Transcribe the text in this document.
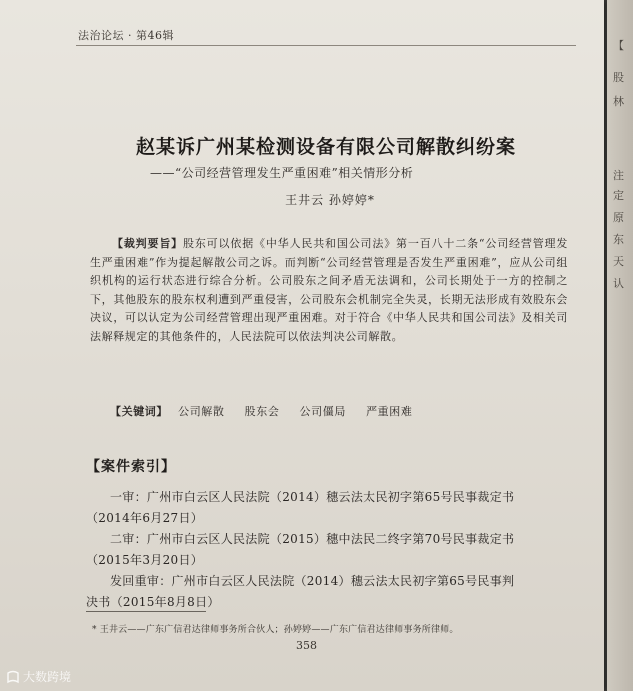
法治论坛 · 第46辑
赵某诉广州某检测设备有限公司解散纠纷案
——“公司经营管理发生严重困难”相关情形分析
王井云 孙婷婷*
【裁判要旨】股东可以依据《中华人民共和国公司法》第一百八十二条“公司经营管理发生严重困难”作为提起解散公司之诉。而判断“公司经营管理是否发生严重困难”，应从公司组织机构的运行状态进行综合分析。公司股东之间矛盾无法调和，公司长期处于一方的控制之下，其他股东的股东权利遭到严重侵害，公司股东会机制完全失灵，长期无法形成有效股东会决议，可以认定为公司经营管理出现严重困难。对于符合《中华人民共和国公司法》及相关司法解释规定的其他条件的，人民法院可以依法判决公司解散。
【关键词】 公司解散 股东会 公司僵局 严重困难
【案件索引】
一审：广州市白云区人民法院（2014）穗云法太民初字第65号民事裁定书
（2014年6月27日）
二审：广州市白云区人民法院（2015）穗中法民二终字第70号民事裁定书
（2015年3月20日）
发回重审：广州市白云区人民法院（2014）穗云法太民初字第65号民事判
决书（2015年8月8日）
* 王井云——广东广信君达律师事务所合伙人；孙婷婷——广东广信君达律师事务所律师。
358
【
股
林
注
定
原
东
天
认
大数跨境
